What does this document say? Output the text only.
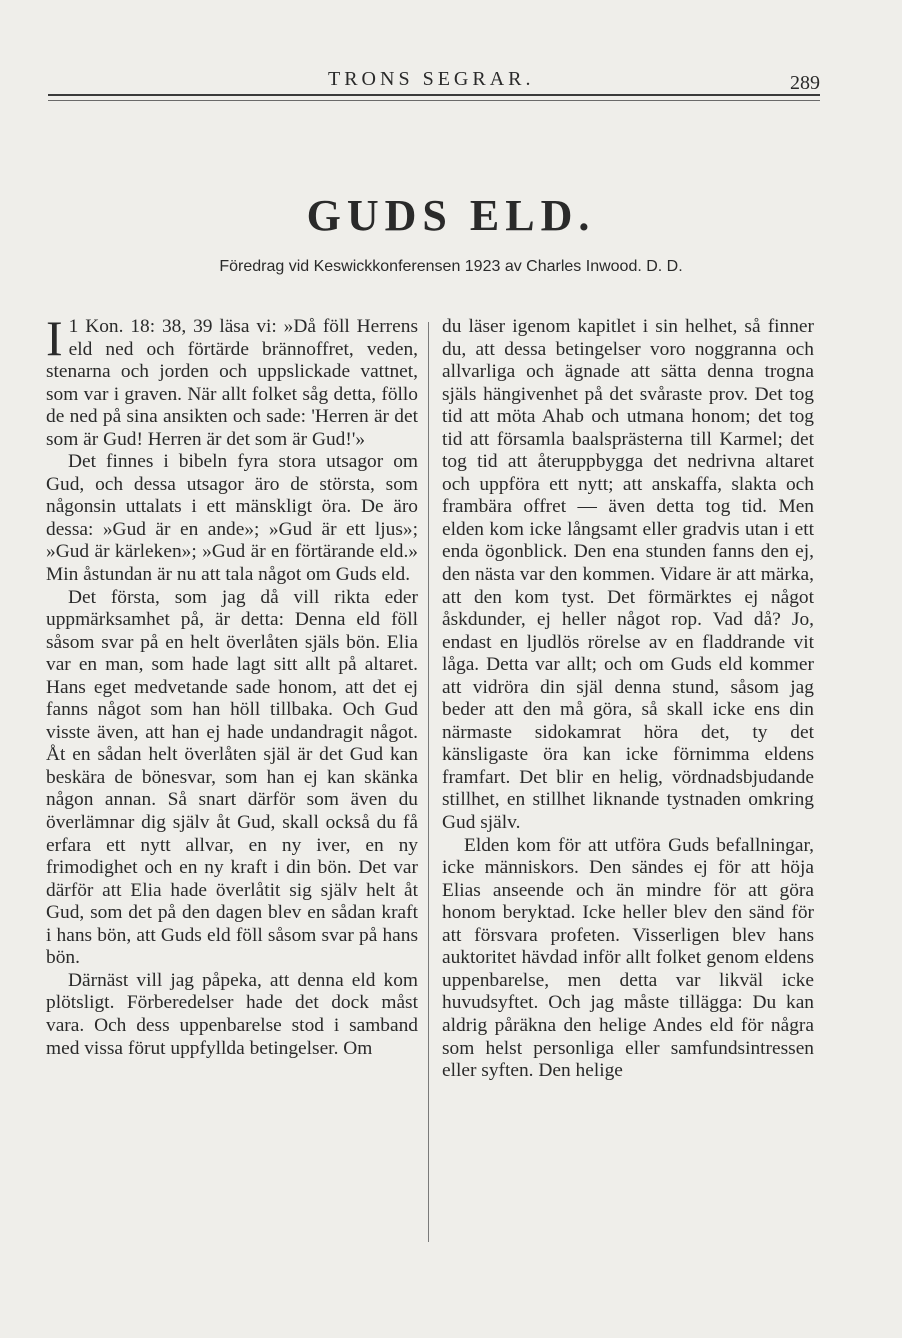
TRONS SEGRAR.	289
GUDS ELD.

Föredrag vid Keswickkonferensen 1923 av Charles Inwood. D. D.

I 1 Kon. 18: 38, 39 läsa vi: »Då föll Herrens eld ned och förtärde brännoffret, veden, stenarna och jorden och uppslickade vattnet, som var i graven. När allt folket såg detta, föllo de ned på sina ansikten och sade: 'Herren är det som är Gud! Herren är det som är Gud!'»

Det finnes i bibeln fyra stora utsagor om Gud, och dessa utsagor äro de största, som någonsin uttalats i ett mänskligt öra. De äro dessa: »Gud är en ande»; »Gud är ett ljus»; »Gud är kärleken»; »Gud är en förtärande eld.» Min åstundan är nu att tala något om Guds eld.

Det första, som jag då vill rikta eder uppmärksamhet på, är detta: Denna eld föll såsom svar på en helt överlåten själs bön. Elia var en man, som hade lagt sitt allt på altaret. Hans eget medvetande sade honom, att det ej fanns något som han höll tillbaka. Och Gud visste även, att han ej hade undandragit något. Åt en sådan helt överlåten själ är det Gud kan beskära de bönesvar, som han ej kan skänka någon annan. Så snart därför som även du överlämnar dig själv åt Gud, skall också du få erfara ett nytt allvar, en ny iver, en ny frimodighet och en ny kraft i din bön. Det var därför att Elia hade överlåtit sig själv helt åt Gud, som det på den dagen blev en sådan kraft i hans bön, att Guds eld föll såsom svar på hans bön.

Därnäst vill jag påpeka, att denna eld kom plötsligt. Förberedelser hade det dock måst vara. Och dess uppenbarelse stod i samband med vissa förut uppfyllda betingelser. Om

du läser igenom kapitlet i sin helhet, så finner du, att dessa betingelser voro noggranna och allvarliga och ägnade att sätta denna trogna själs hängivenhet på det svåraste prov. Det tog tid att möta Ahab och utmana honom; det tog tid att församla baalsprästerna till Karmel; det tog tid att återuppbygga det nedrivna altaret och uppföra ett nytt; att anskaffa, slakta och frambära offret — även detta tog tid. Men elden kom icke långsamt eller gradvis utan i ett enda ögonblick. Den ena stunden fanns den ej, den nästa var den kommen. Vidare är att märka, att den kom tyst. Det förmärktes ej något åskdunder, ej heller något rop. Vad då? Jo, endast en ljudlös rörelse av en fladdrande vit låga. Detta var allt; och om Guds eld kommer att vidröra din själ denna stund, såsom jag beder att den må göra, så skall icke ens din närmaste sidokamrat höra det, ty det känsligaste öra kan icke förnimma eldens framfart. Det blir en helig, vördnadsbjudande stillhet, en stillhet liknande tystnaden omkring Gud själv.

Elden kom för att utföra Guds befallningar, icke människors. Den sändes ej för att höja Elias anseende och än mindre för att göra honom beryktad. Icke heller blev den sänd för att försvara profeten. Visserligen blev hans auktoritet hävdad inför allt folket genom eldens uppenbarelse, men detta var likväl icke huvudsyftet. Och jag måste tillägga: Du kan aldrig påräkna den helige Andes eld för några som helst personliga eller samfundsintressen eller syften. Den helige
